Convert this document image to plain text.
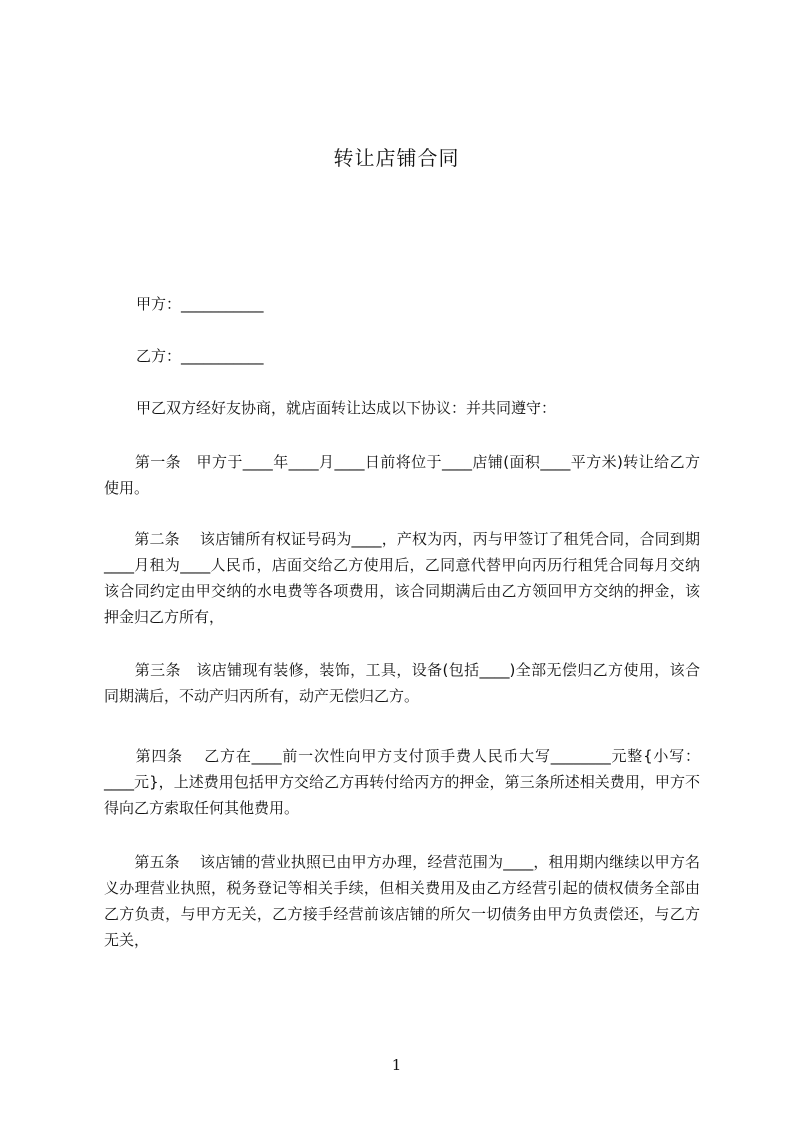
转让店铺合同
甲方：___________
乙方：___________
甲乙双方经好友协商，就店面转让达成以下协议：并共同遵守：
　　第一条　甲方于____年____月____日前将位于____店铺(面积____平方米)转让给乙方使用。
　　第二条　 该店铺所有权证号码为____，产权为丙，丙与甲签订了租凭合同，合同到期____月租为____人民币，店面交给乙方使用后，乙同意代替甲向丙历行租凭合同每月交纳该合同约定由甲交纳的水电费等各项费用，该合同期满后由乙方领回甲方交纳的押金，该押金归乙方所有，
　　第三条　该店铺现有装修，装饰，工具，设备(包括____)全部无偿归乙方使用，该合同期满后，不动产归丙所有，动产无偿归乙方。
　　第四条　 乙方在____前一次性向甲方支付顶手费人民币大写________元整{小写：____元}，上述费用包括甲方交给乙方再转付给丙方的押金，第三条所述相关费用，甲方不得向乙方索取任何其他费用。
　　第五条　 该店铺的营业执照已由甲方办理，经营范围为____，租用期内继续以甲方名义办理营业执照，税务登记等相关手续，但相关费用及由乙方经营引起的债权债务全部由乙方负责，与甲方无关，乙方接手经营前该店铺的所欠一切债务由甲方负责偿还，与乙方无关，
1
